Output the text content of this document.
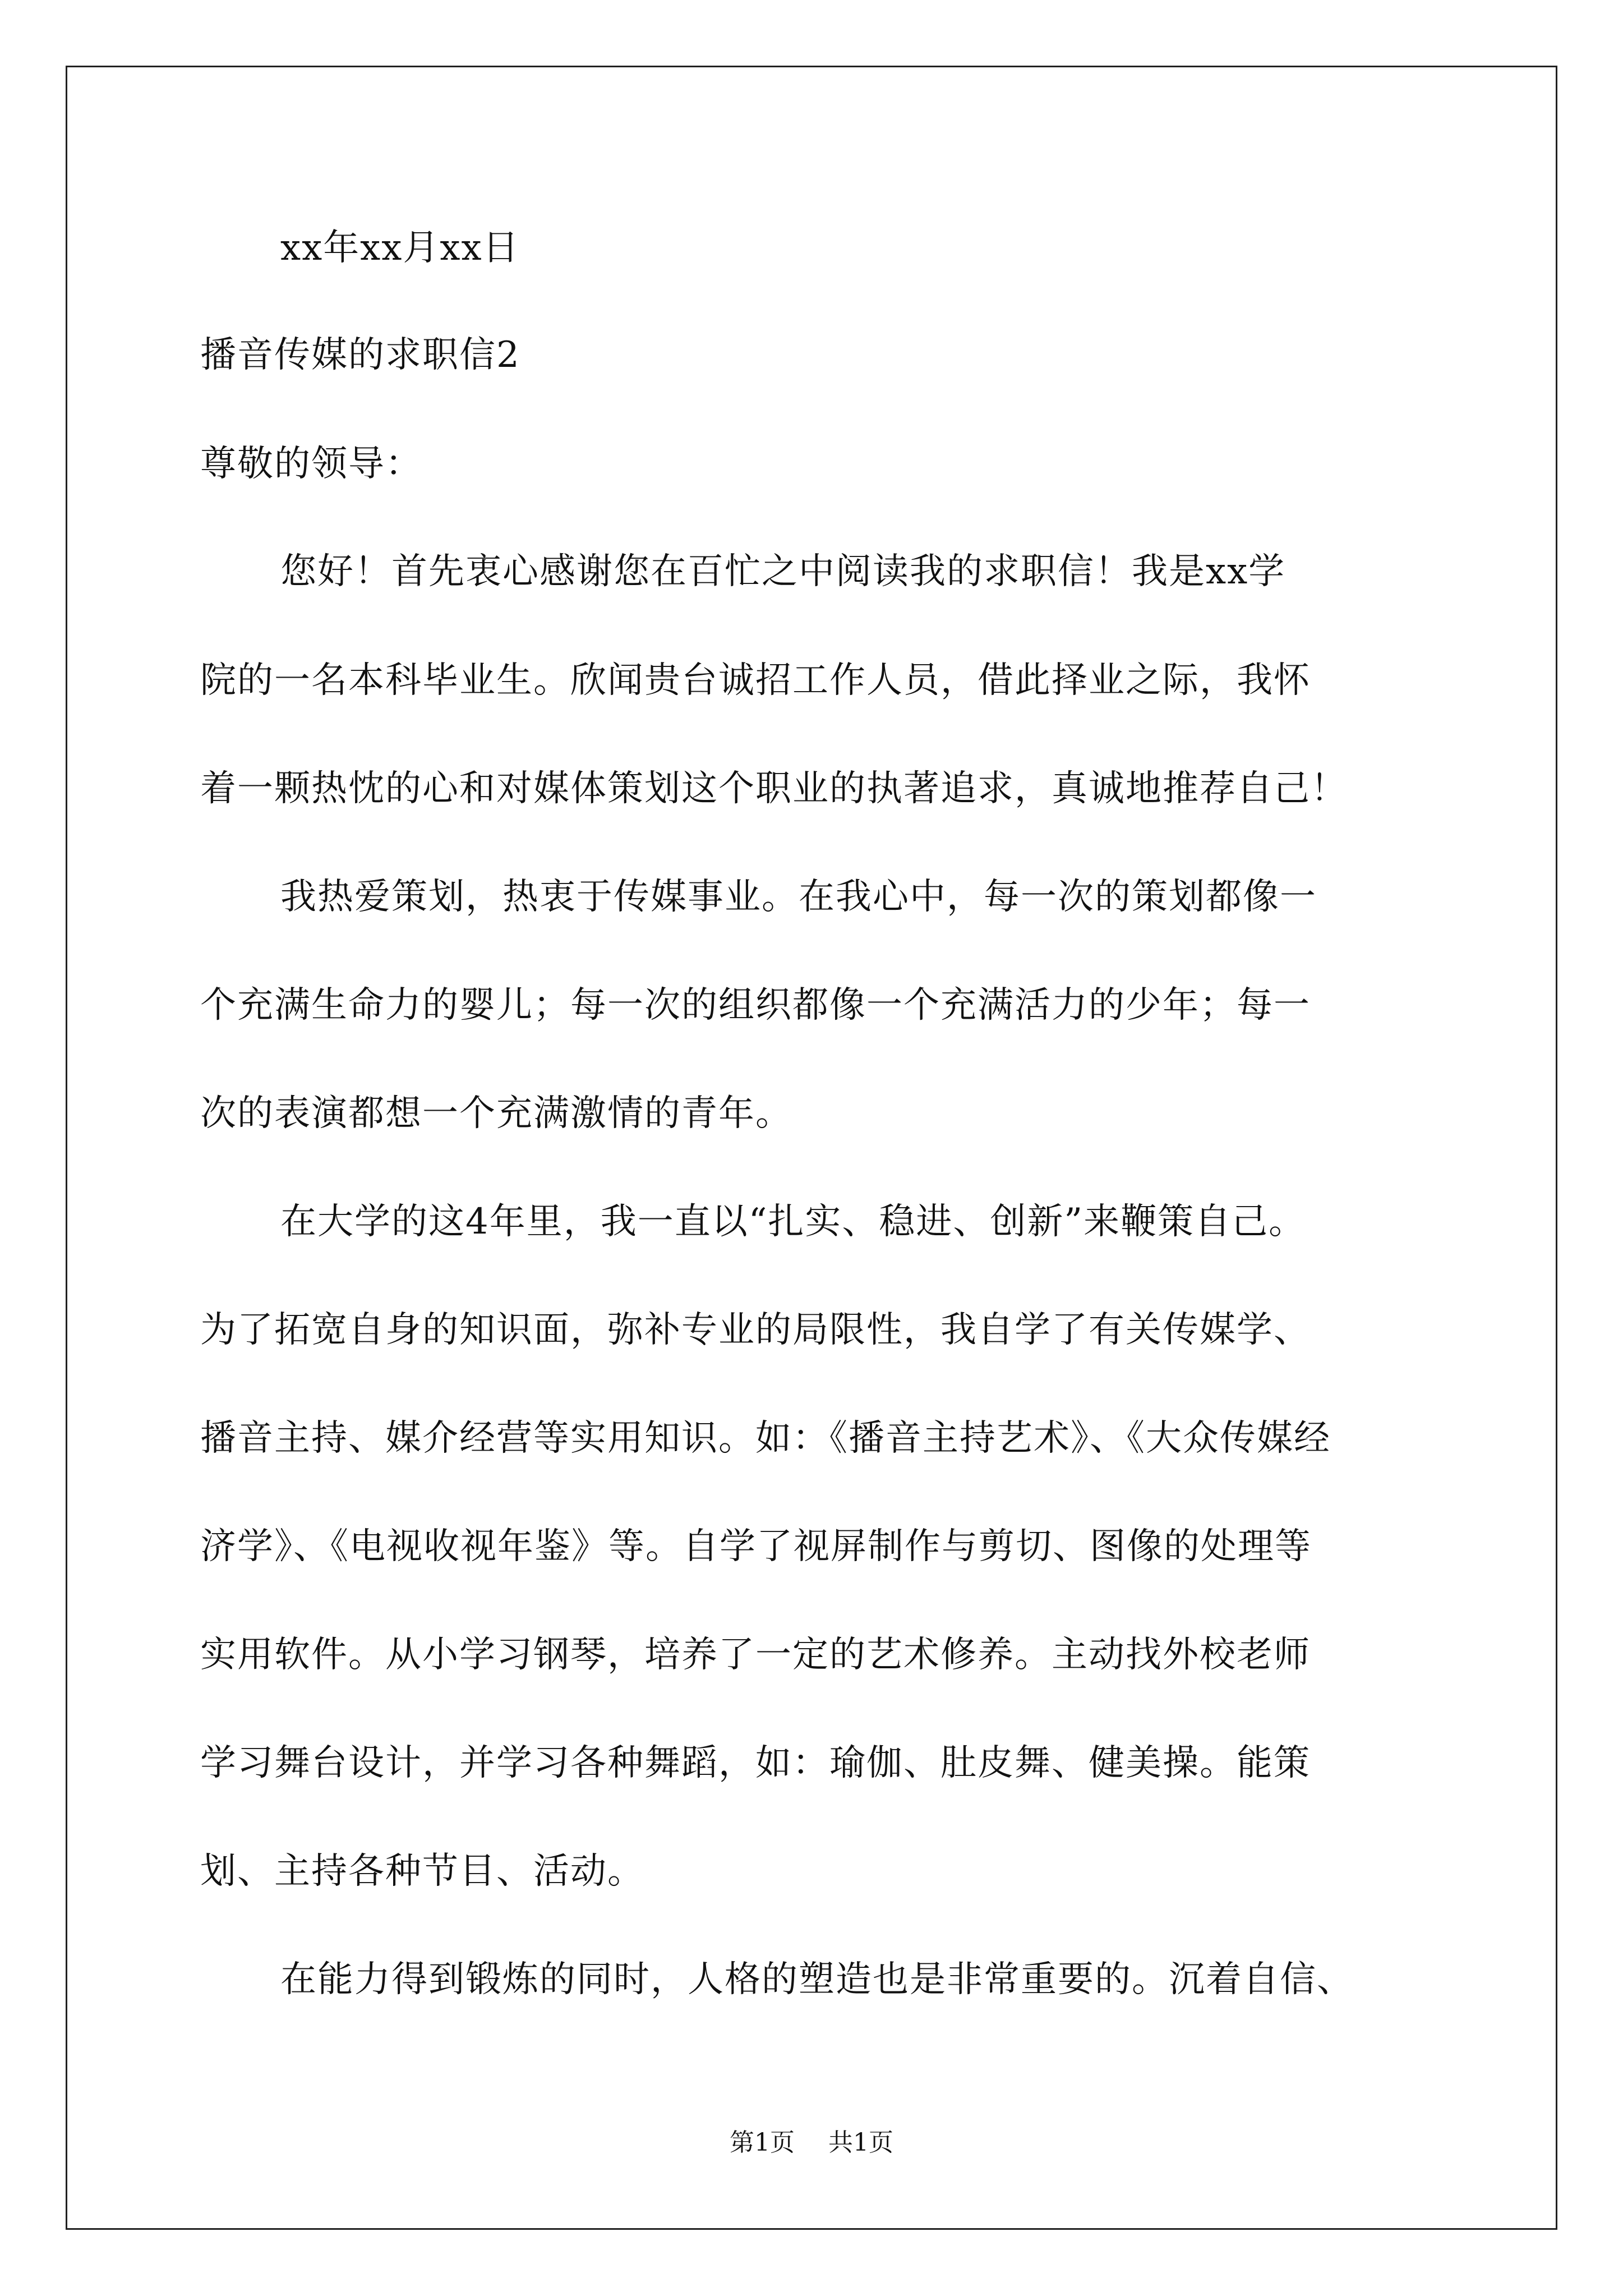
xx年xx月xx日
播音传媒的求职信2
尊敬的领导：
您好！首先衷心感谢您在百忙之中阅读我的求职信！我是xx学
院的一名本科毕业生。欣闻贵台诚招工作人员，借此择业之际，我怀
着一颗热忱的心和对媒体策划这个职业的执著追求，真诚地推荐自己！
我热爱策划，热衷于传媒事业。在我心中，每一次的策划都像一
个充满生命力的婴儿；每一次的组织都像一个充满活力的少年；每一
次的表演都想一个充满激情的青年。
在大学的这4年里，我一直以“扎实、稳进、创新”来鞭策自己。
为了拓宽自身的知识面，弥补专业的局限性，我自学了有关传媒学、
播音主持、媒介经营等实用知识。如：《播音主持艺术》、《大众传媒经
济学》、《电视收视年鉴》等。自学了视屏制作与剪切、图像的处理等
实用软件。从小学习钢琴，培养了一定的艺术修养。主动找外校老师
学习舞台设计，并学习各种舞蹈，如：瑜伽、肚皮舞、健美操。能策
划、主持各种节目、活动。
在能力得到锻炼的同时，人格的塑造也是非常重要的。沉着自信、
第1页 共1页
